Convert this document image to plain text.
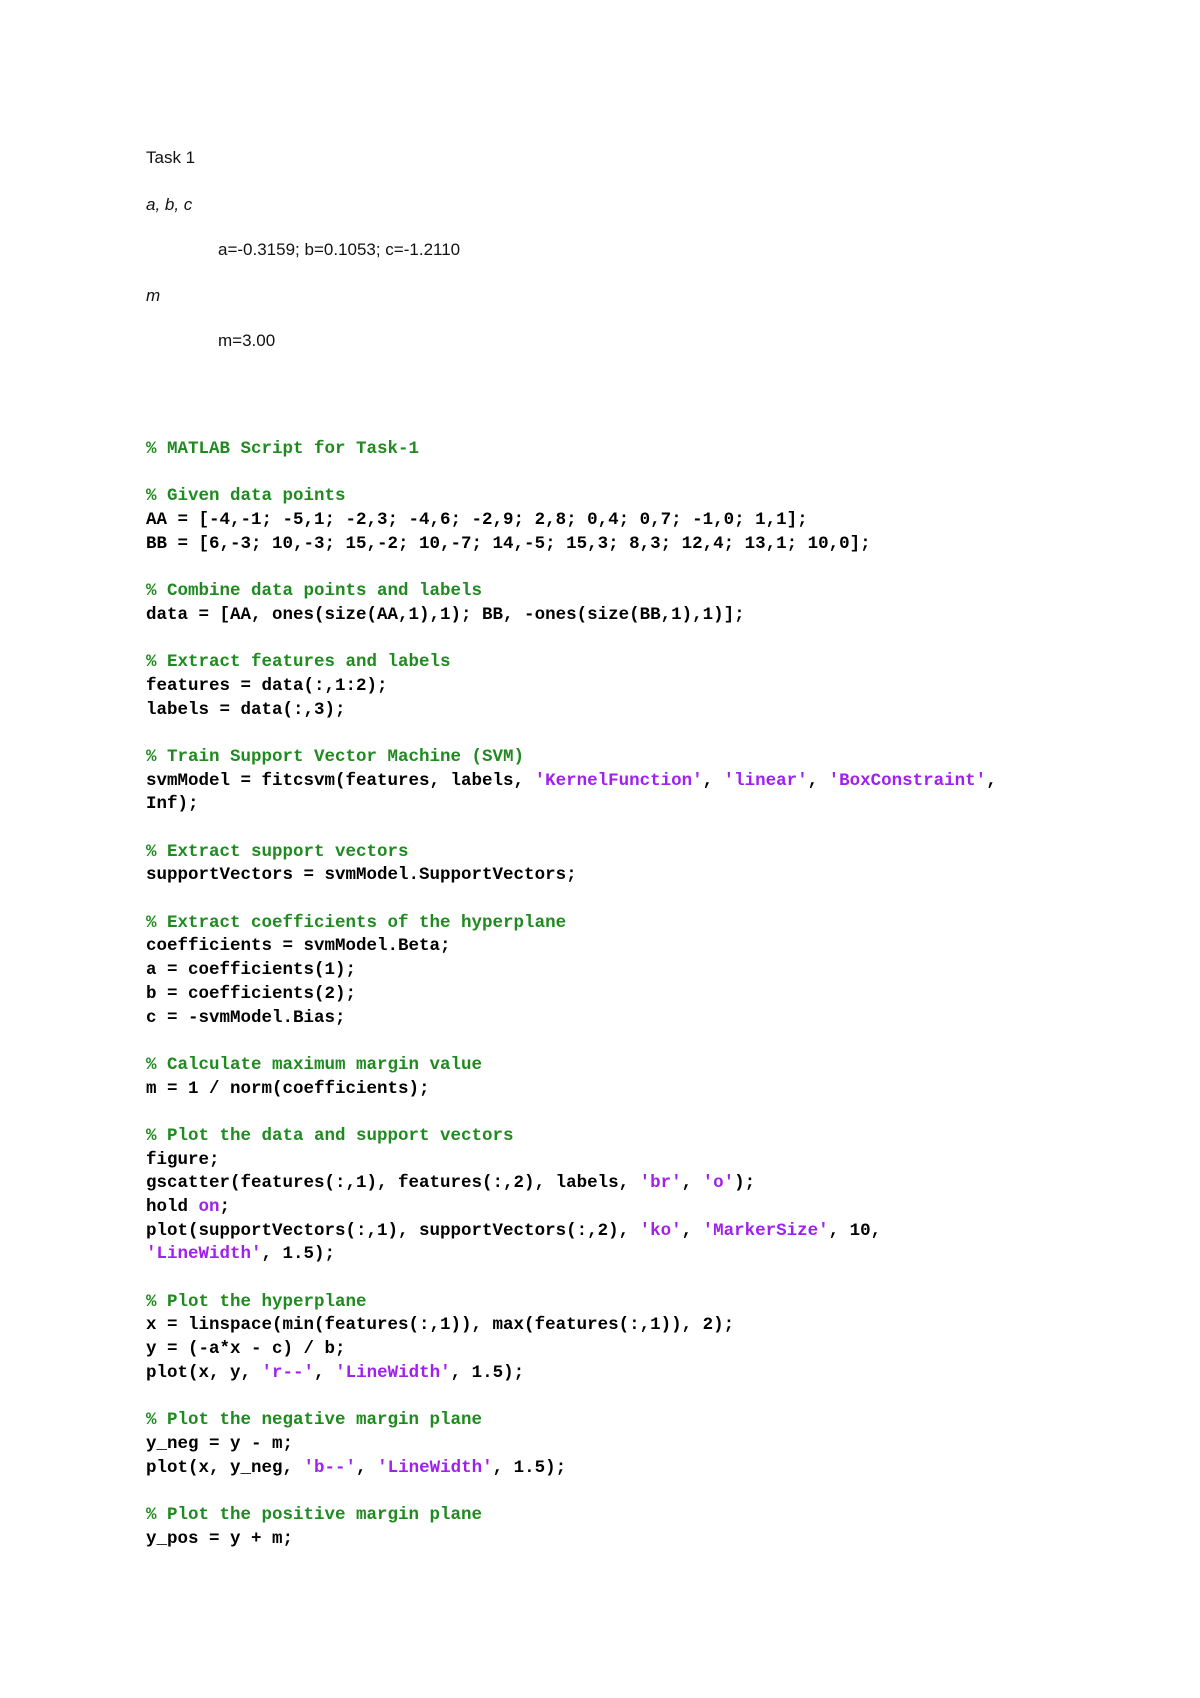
Task 1
a, b, c
a=-0.3159; b=0.1053; c=-1.2110
m
m=3.00
% MATLAB Script for Task-1
% Given data points
AA = [-4,-1; -5,1; -2,3; -4,6; -2,9; 2,8; 0,4; 0,7; -1,0; 1,1];
BB = [6,-3; 10,-3; 15,-2; 10,-7; 14,-5; 15,3; 8,3; 12,4; 13,1; 10,0];
% Combine data points and labels
data = [AA, ones(size(AA,1),1); BB, -ones(size(BB,1),1)];
% Extract features and labels
features = data(:,1:2);
labels = data(:,3);
% Train Support Vector Machine (SVM)
svmModel = fitcsvm(features, labels, 'KernelFunction', 'linear', 'BoxConstraint',
Inf);
% Extract support vectors
supportVectors = svmModel.SupportVectors;
% Extract coefficients of the hyperplane
coefficients = svmModel.Beta;
a = coefficients(1);
b = coefficients(2);
c = -svmModel.Bias;
% Calculate maximum margin value
m = 1 / norm(coefficients);
% Plot the data and support vectors
figure;
gscatter(features(:,1), features(:,2), labels, 'br', 'o');
hold on;
plot(supportVectors(:,1), supportVectors(:,2), 'ko', 'MarkerSize', 10,
'LineWidth', 1.5);
% Plot the hyperplane
x = linspace(min(features(:,1)), max(features(:,1)), 2);
y = (-a*x - c) / b;
plot(x, y, 'r--', 'LineWidth', 1.5);
% Plot the negative margin plane
y_neg = y - m;
plot(x, y_neg, 'b--', 'LineWidth', 1.5);
% Plot the positive margin plane
y_pos = y + m;
